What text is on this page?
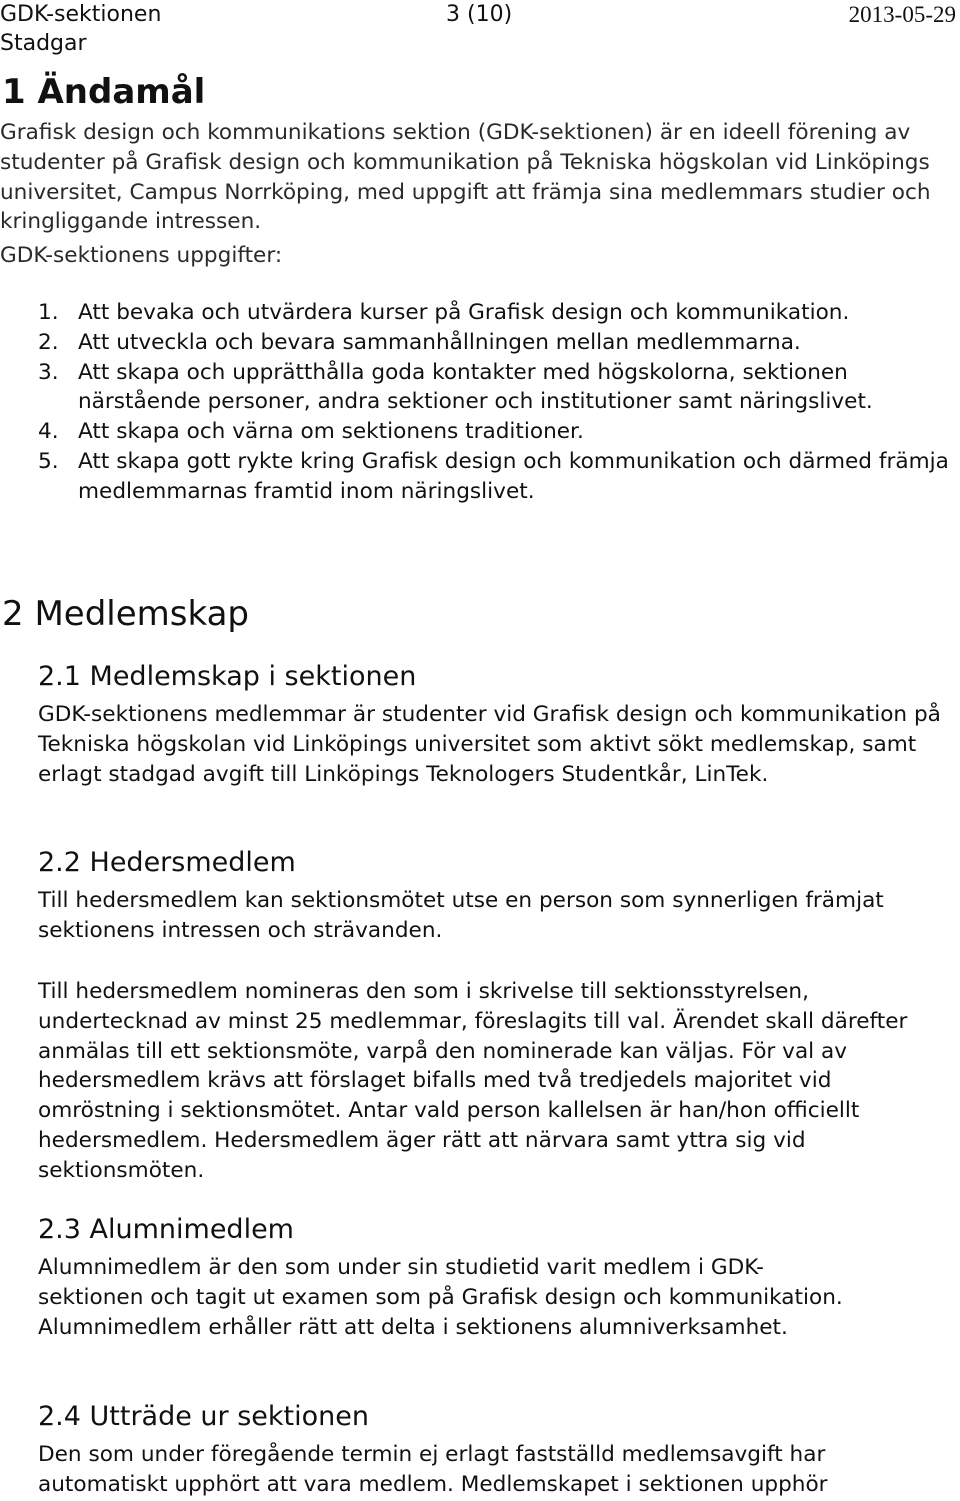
GDK-sektionen	3 (10)	2013-05-29
Stadgar
1 Ändamål

Grafisk design och kommunikations sektion (GDK-sektionen) är en ideell förening av studenter på Grafisk design och kommunikation på Tekniska högskolan vid Linköpings universitet, Campus Norrköping, med uppgift att främja sina medlemmars studier och kringliggande intressen.

GDK-sektionens uppgifter:
1. Att bevaka och utvärdera kurser på Grafisk design och kommunikation.
2. Att utveckla och bevara sammanhållningen mellan medlemmarna.
3. Att skapa och upprätthålla goda kontakter med högskolorna, sektionen närstående personer, andra sektioner och institutioner samt näringslivet.
4. Att skapa och värna om sektionens traditioner.
5. Att skapa gott rykte kring Grafisk design och kommunikation och därmed främja medlemmarnas framtid inom näringslivet.
2 Medlemskap
2.1 Medlemskap i sektionen

GDK-sektionens medlemmar är studenter vid Grafisk design och kommunikation på Tekniska högskolan vid Linköpings universitet som aktivt sökt medlemskap, samt erlagt stadgad avgift till Linköpings Teknologers Studentkår, LinTek.

2.2 Hedersmedlem

Till hedersmedlem kan sektionsmötet utse en person som synnerligen främjat sektionens intressen och strävanden.

Till hedersmedlem nomineras den som i skrivelse till sektionsstyrelsen, undertecknad av minst 25 medlemmar, föreslagits till val. Ärendet skall därefter anmälas till ett sektionsmöte, varpå den nominerade kan väljas. För val av hedersmedlem krävs att förslaget bifalls med två tredjedels majoritet vid omröstning i sektionsmötet. Antar vald person kallelsen är han/hon officiellt hedersmedlem. Hedersmedlem äger rätt att närvara samt yttra sig vid sektionsmöten.

2.3 Alumnimedlem
Alumnimedlem är den som under sin studietid varit medlem i GDK-
sektionen och tagit ut examen som på Grafisk design och kommunikation. Alumnimedlem erhåller rätt att delta i sektionens alumniverksamhet.
2.4 Utträde ur sektionen

Den som under föregående termin ej erlagt fastställd medlemsavgift har automatiskt upphört att vara medlem. Medlemskapet i sektionen upphör
